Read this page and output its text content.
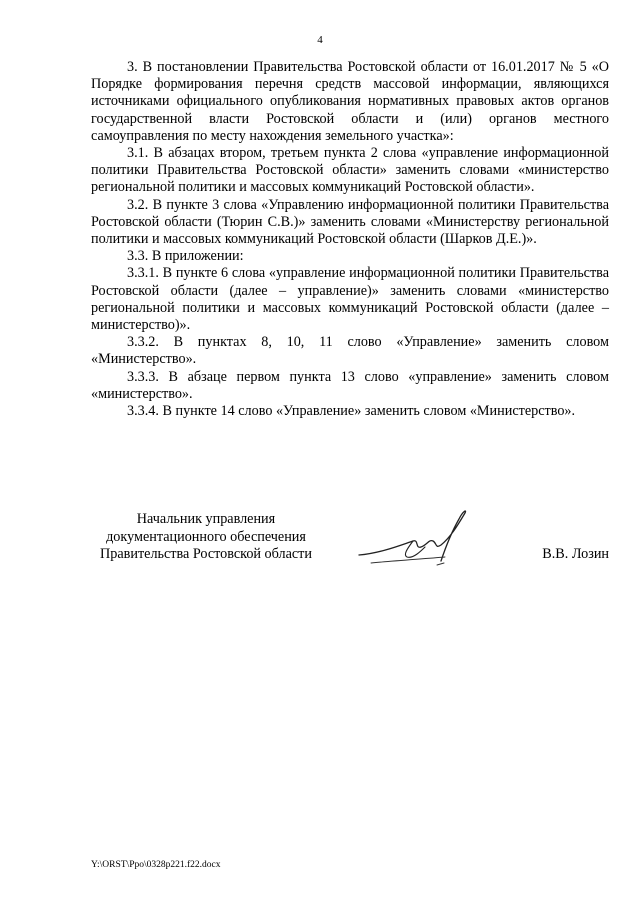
4

3. В постановлении Правительства Ростовской области от 16.01.2017 № 5 «О Порядке формирования перечня средств массовой информации, являющихся источниками официального опубликования нормативных правовых актов органов государственной власти Ростовской области и (или) органов местного самоуправления по месту нахождения земельного участка»:

3.1. В абзацах втором, третьем пункта 2 слова «управление информационной политики Правительства Ростовской области» заменить словами «министерство региональной политики и массовых коммуникаций Ростовской области».

3.2. В пункте 3 слова «Управлению информационной политики Правительства Ростовской области (Тюрин С.В.)» заменить словами «Министерству региональной политики и массовых коммуникаций Ростовской области (Шарков Д.Е.)».

3.3. В приложении:

3.3.1. В пункте 6 слова «управление информационной политики Правительства Ростовской области (далее – управление)» заменить словами «министерство региональной политики и массовых коммуникаций Ростовской области (далее – министерство)».

3.3.2. В пунктах 8, 10, 11 слово «Управление» заменить словом «Министерство».

3.3.3. В абзаце первом пункта 13 слово «управление» заменить словом «министерство».

3.3.4. В пункте 14 слово «Управление» заменить словом «Министерство».

Начальник управления
документационного обеспечения
Правительства Ростовской области	В.В. Лозин
Y:\ORST\Ppo\0328p221.f22.docx
